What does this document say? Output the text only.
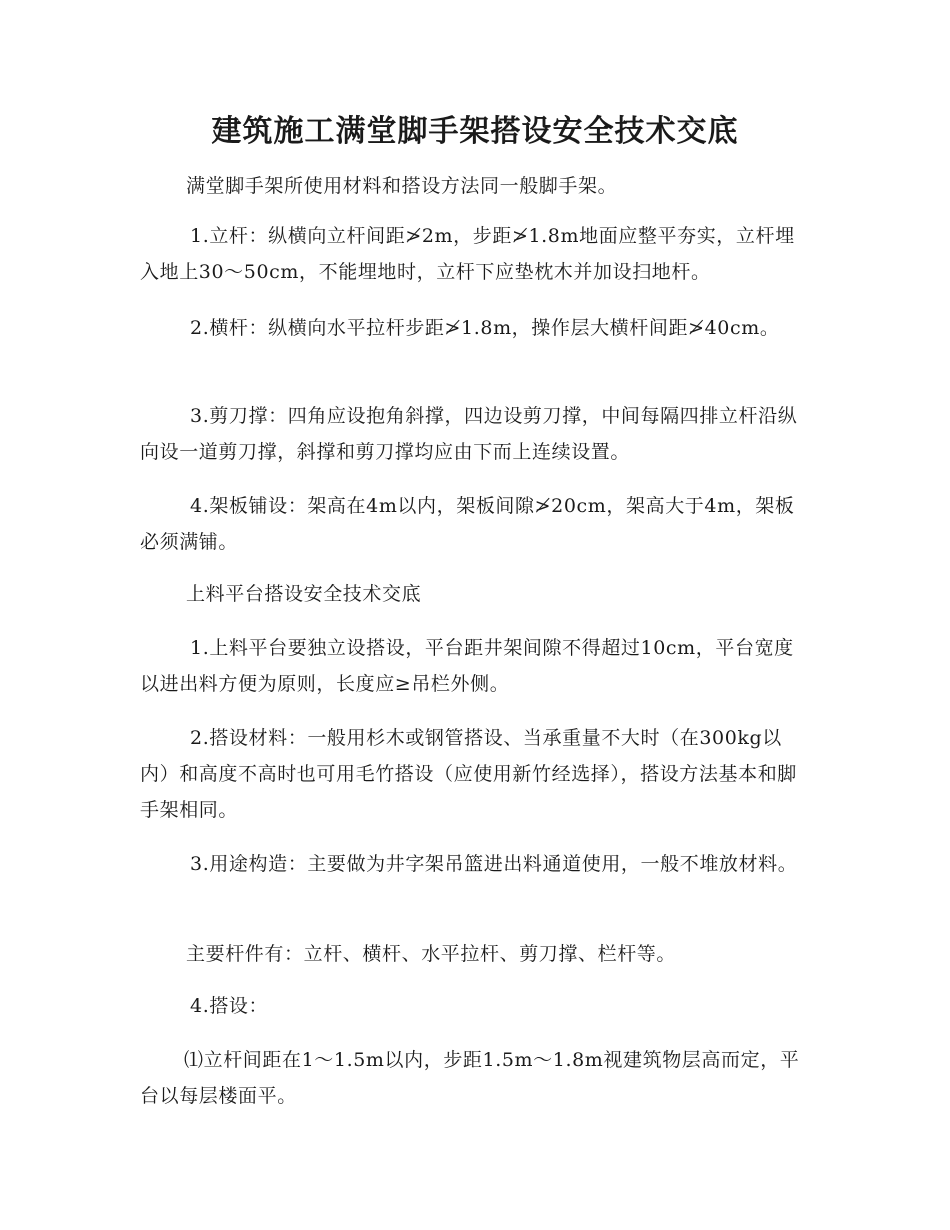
建筑施工满堂脚手架搭设安全技术交底

满堂脚手架所使用材料和搭设方法同一般脚手架。

1.立杆：纵横向立杆间距≯2m，步距≯1.8m地面应整平夯实，立杆埋入地上30～50cm，不能埋地时，立杆下应垫枕木并加设扫地杆。

2.横杆：纵横向水平拉杆步距≯1.8m，操作层大横杆间距≯40cm。

3.剪刀撑：四角应设抱角斜撑，四边设剪刀撑，中间每隔四排立杆沿纵向设一道剪刀撑，斜撑和剪刀撑均应由下而上连续设置。

4.架板铺设：架高在4m以内，架板间隙≯20cm，架高大于4m，架板必须满铺。

上料平台搭设安全技术交底

1.上料平台要独立设搭设，平台距井架间隙不得超过10cm，平台宽度以进出料方便为原则，长度应≥吊栏外侧。

2.搭设材料：一般用杉木或钢管搭设、当承重量不大时（在300kg以内）和高度不高时也可用毛竹搭设（应使用新竹经选择），搭设方法基本和脚手架相同。

3.用途构造：主要做为井字架吊篮进出料通道使用，一般不堆放材料。

主要杆件有：立杆、横杆、水平拉杆、剪刀撑、栏杆等。

4.搭设：

⑴立杆间距在1～1.5m以内，步距1.5m～1.8m视建筑物层高而定，平台以每层楼面平。
